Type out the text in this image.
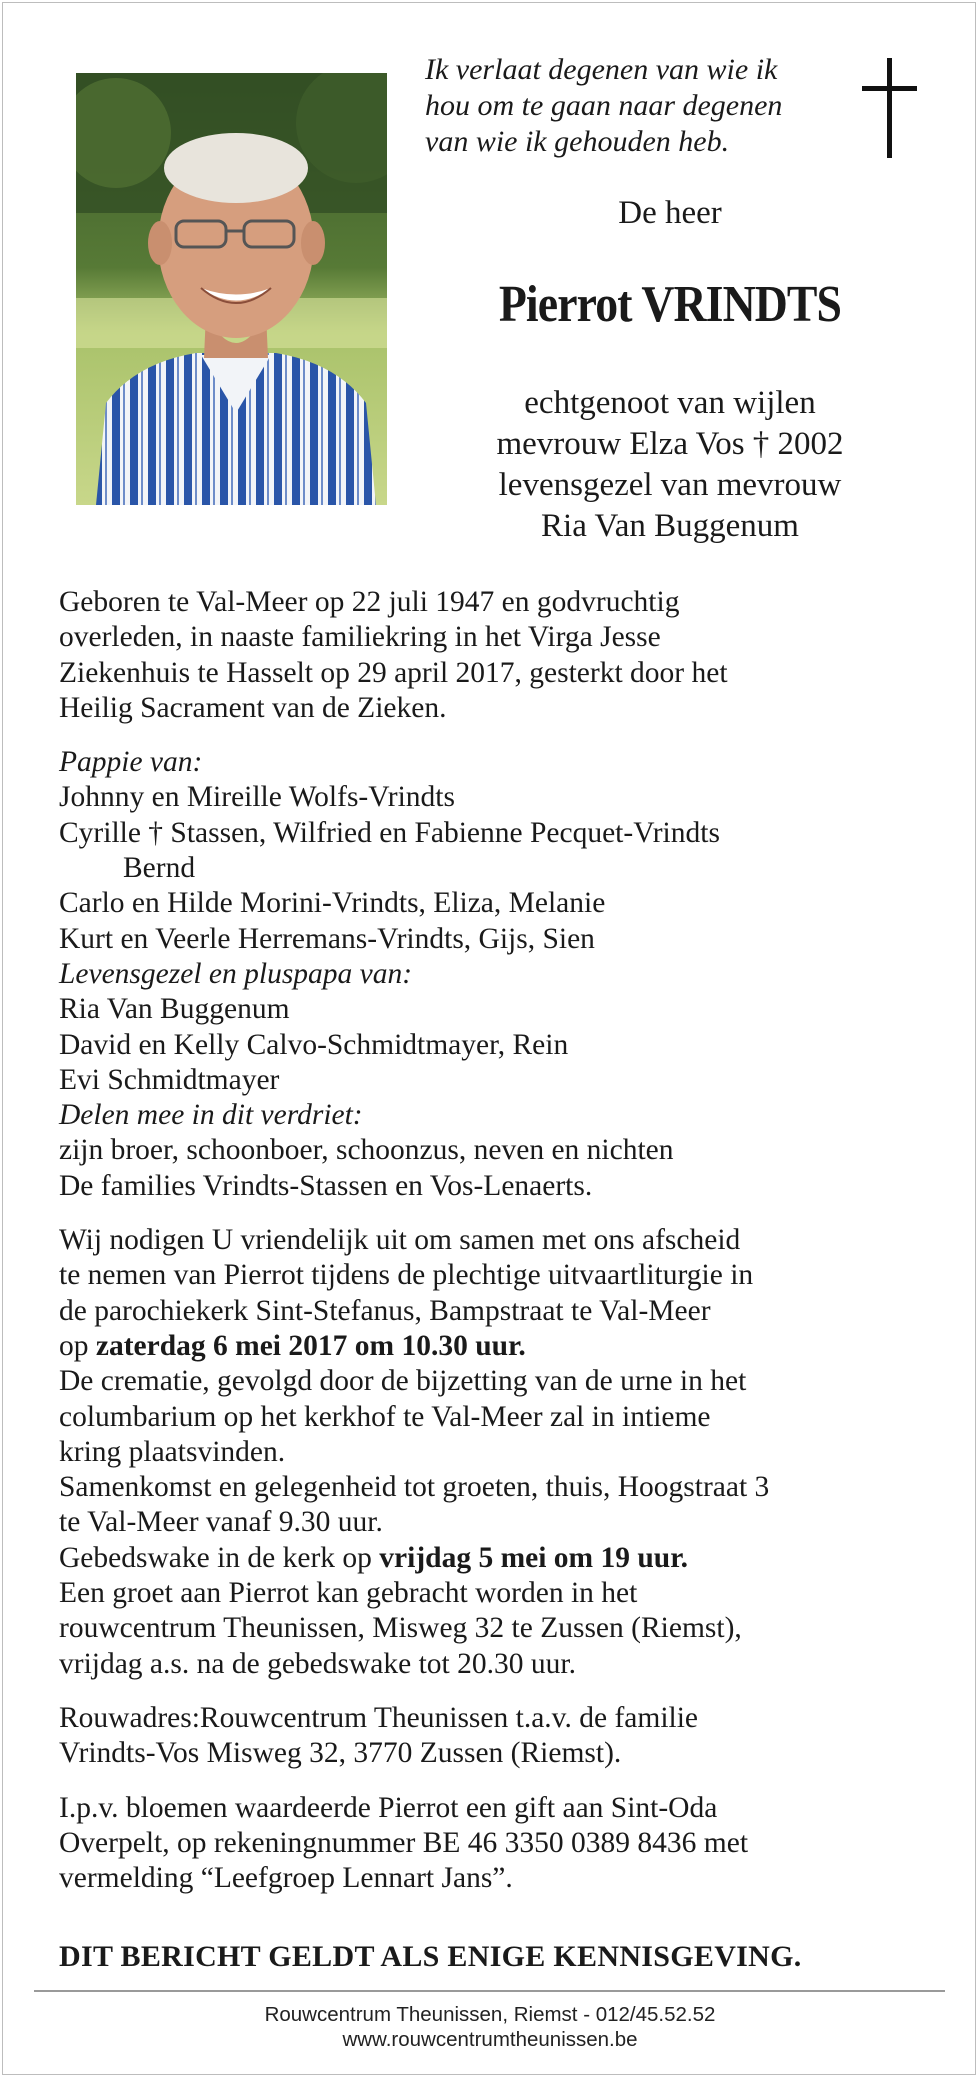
Ik verlaat degenen van wie ik
hou om te gaan naar degenen
van wie ik gehouden heb.
De heer
Pierrot VRINDTS
echtgenoot van wijlen
mevrouw Elza Vos † 2002
levensgezel van mevrouw
Ria Van Buggenum
Geboren te Val-Meer op 22 juli 1947 en godvruchtig
overleden, in naaste familiekring in het Virga Jesse
Ziekenhuis te Hasselt op 29 april 2017, gesterkt door het
Heilig Sacrament van de Zieken.
Pappie van:
Johnny en Mireille Wolfs-Vrindts
Cyrille † Stassen, Wilfried en Fabienne Pecquet-Vrindts
Bernd
Carlo en Hilde Morini-Vrindts, Eliza, Melanie
Kurt en Veerle Herremans-Vrindts, Gijs, Sien
Levensgezel en pluspapa van:
Ria Van Buggenum
David en Kelly Calvo-Schmidtmayer, Rein
Evi Schmidtmayer
Delen mee in dit verdriet:
zijn broer, schoonboer, schoonzus, neven en nichten
De families Vrindts-Stassen en Vos-Lenaerts.
Wij nodigen U vriendelijk uit om samen met ons afscheid
te nemen van Pierrot tijdens de plechtige uitvaartliturgie in
de parochiekerk Sint-Stefanus, Bampstraat te Val-Meer
op zaterdag 6 mei 2017 om 10.30 uur.
De crematie, gevolgd door de bijzetting van de urne in het
columbarium op het kerkhof te Val-Meer zal in intieme
kring plaatsvinden.
Samenkomst en gelegenheid tot groeten, thuis, Hoogstraat 3
te Val-Meer vanaf 9.30 uur.
Gebedswake in de kerk op vrijdag 5 mei om 19 uur.
Een groet aan Pierrot kan gebracht worden in het
rouwcentrum Theunissen, Misweg 32 te Zussen (Riemst),
vrijdag a.s. na de gebedswake tot 20.30 uur.
Rouwadres:Rouwcentrum Theunissen t.a.v. de familie
Vrindts-Vos Misweg 32, 3770 Zussen (Riemst).
I.p.v. bloemen waardeerde Pierrot een gift aan Sint-Oda
Overpelt, op rekeningnummer BE 46 3350 0389 8436 met
vermelding “Leefgroep Lennart Jans”.
DIT BERICHT GELDT ALS ENIGE KENNISGEVING.
Rouwcentrum Theunissen, Riemst - 012/45.52.52
www.rouwcentrumtheunissen.be
